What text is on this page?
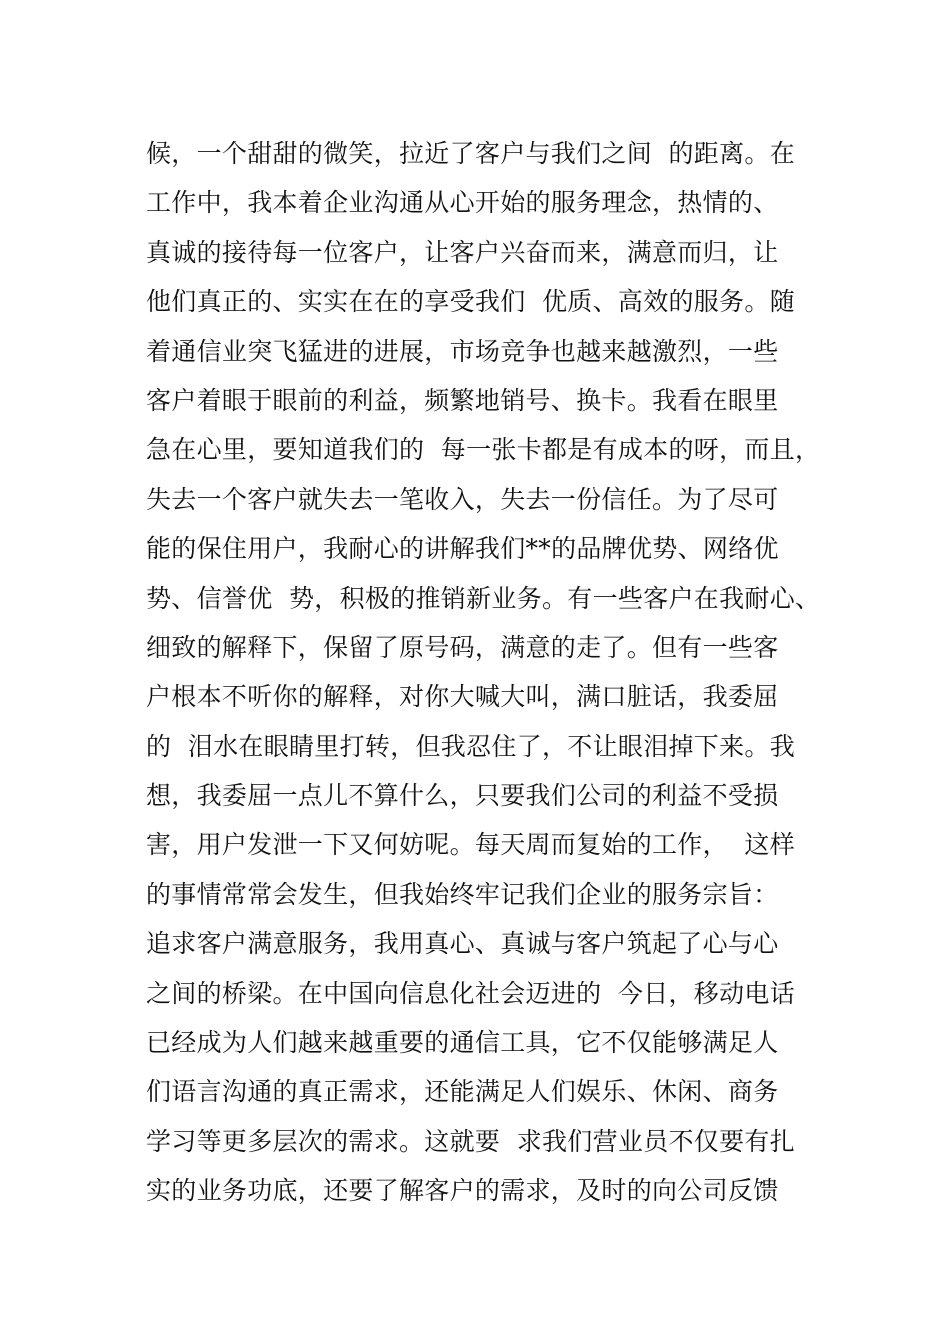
候，一个甜甜的微笑，拉近了客户与我们之间  的距离。在
工作中，我本着企业沟通从心开始的服务理念，热情的、
真诚的接待每一位客户，让客户兴奋而来，满意而归，让
他们真正的、实实在在的享受我们  优质、高效的服务。随
着通信业突飞猛进的进展，市场竞争也越来越激烈，一些
客户着眼于眼前的利益，频繁地销号、换卡。我看在眼里
急在心里，要知道我们的  每一张卡都是有成本的呀，而且，
失去一个客户就失去一笔收入，失去一份信任。为了尽可
能的保住用户，我耐心的讲解我们**的品牌优势、网络优
势、信誉优  势，积极的推销新业务。有一些客户在我耐心、
细致的解释下，保留了原号码，满意的走了。但有一些客
户根本不听你的解释，对你大喊大叫，满口脏话，我委屈
的  泪水在眼睛里打转，但我忍住了，不让眼泪掉下来。我
想，我委屈一点儿不算什么，只要我们公司的利益不受损
害，用户发泄一下又何妨呢。每天周而复始的工作，  这样
的事情常常会发生，但我始终牢记我们企业的服务宗旨：
追求客户满意服务，我用真心、真诚与客户筑起了心与心
之间的桥梁。在中国向信息化社会迈进的  今日，移动电话
已经成为人们越来越重要的通信工具，它不仅能够满足人
们语言沟通的真正需求，还能满足人们娱乐、休闲、商务
学习等更多层次的需求。这就要  求我们营业员不仅要有扎
实的业务功底，还要了解客户的需求，及时的向公司反馈
